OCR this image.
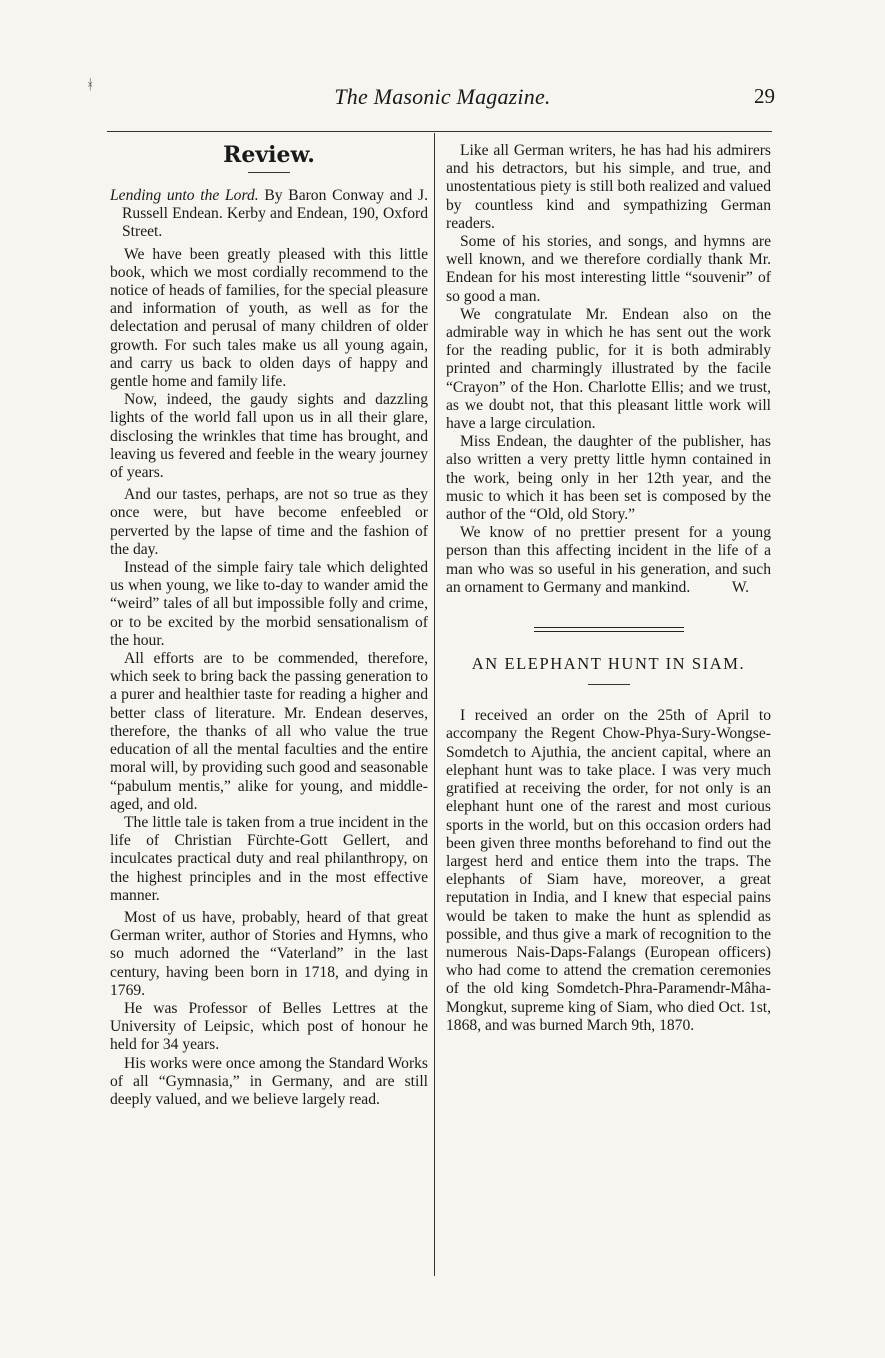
ᚼ	The Masonic Magazine.	29
Review.

Lending unto the Lord. By Baron Conway and J. Russell Endean. Kerby and Endean, 190, Oxford Street.

We have been greatly pleased with this little book, which we most cordially recommend to the notice of heads of families, for the special pleasure and information of youth, as well as for the delectation and perusal of many children of older growth. For such tales make us all young again, and carry us back to olden days of happy and gentle home and family life.

Now, indeed, the gaudy sights and dazzling lights of the world fall upon us in all their glare, disclosing the wrinkles that time has brought, and leaving us fevered and feeble in the weary journey of years.

And our tastes, perhaps, are not so true as they once were, but have become enfeebled or perverted by the lapse of time and the fashion of the day.

Instead of the simple fairy tale which delighted us when young, we like to-day to wander amid the “weird” tales of all but impossible folly and crime, or to be excited by the morbid sensationalism of the hour.

All efforts are to be commended, therefore, which seek to bring back the passing generation to a purer and healthier taste for reading a higher and better class of literature. Mr. Endean deserves, therefore, the thanks of all who value the true education of all the mental faculties and the entire moral will, by providing such good and seasonable “pabulum mentis,” alike for young, and middle-aged, and old.

The little tale is taken from a true incident in the life of Christian Fürchte-Gott Gellert, and inculcates practical duty and real philanthropy, on the highest principles and in the most effective manner.

Most of us have, probably, heard of that great German writer, author of Stories and Hymns, who so much adorned the “Vaterland” in the last century, having been born in 1718, and dying in 1769.

He was Professor of Belles Lettres at the University of Leipsic, which post of honour he held for 34 years.

His works were once among the Standard Works of all “Gymnasia,” in Germany, and are still deeply valued, and we believe largely read.

Like all German writers, he has had his admirers and his detractors, but his simple, and true, and unostentatious piety is still both realized and valued by countless kind and sympathizing German readers.

Some of his stories, and songs, and hymns are well known, and we therefore cordially thank Mr. Endean for his most interesting little “souvenir” of so good a man.

We congratulate Mr. Endean also on the admirable way in which he has sent out the work for the reading public, for it is both admirably printed and charmingly illustrated by the facile “Crayon” of the Hon. Charlotte Ellis; and we trust, as we doubt not, that this pleasant little work will have a large circulation.

Miss Endean, the daughter of the publisher, has also written a very pretty little hymn contained in the work, being only in her 12th year, and the music to which it has been set is composed by the author of the “Old, old Story.”

We know of no prettier present for a young person than this affecting incident in the life of a man who was so useful in his generation, and such an ornament to Germany and mankind.	W.

AN ELEPHANT HUNT IN SIAM.

I received an order on the 25th of April to accompany the Regent Chow-Phya-Sury-Wongse-Somdetch to Ajuthia, the ancient capital, where an elephant hunt was to take place. I was very much gratified at receiving the order, for not only is an elephant hunt one of the rarest and most curious sports in the world, but on this occasion orders had been given three months beforehand to find out the largest herd and entice them into the traps. The elephants of Siam have, moreover, a great reputation in India, and I knew that especial pains would be taken to make the hunt as splendid as possible, and thus give a mark of recognition to the numerous Nais-Daps-Falangs (European officers) who had come to attend the cremation ceremonies of the old king Somdetch-Phra-Paramendr-Mâha-Mongkut, supreme king of Siam, who died Oct. 1st, 1868, and was burned March 9th, 1870.
